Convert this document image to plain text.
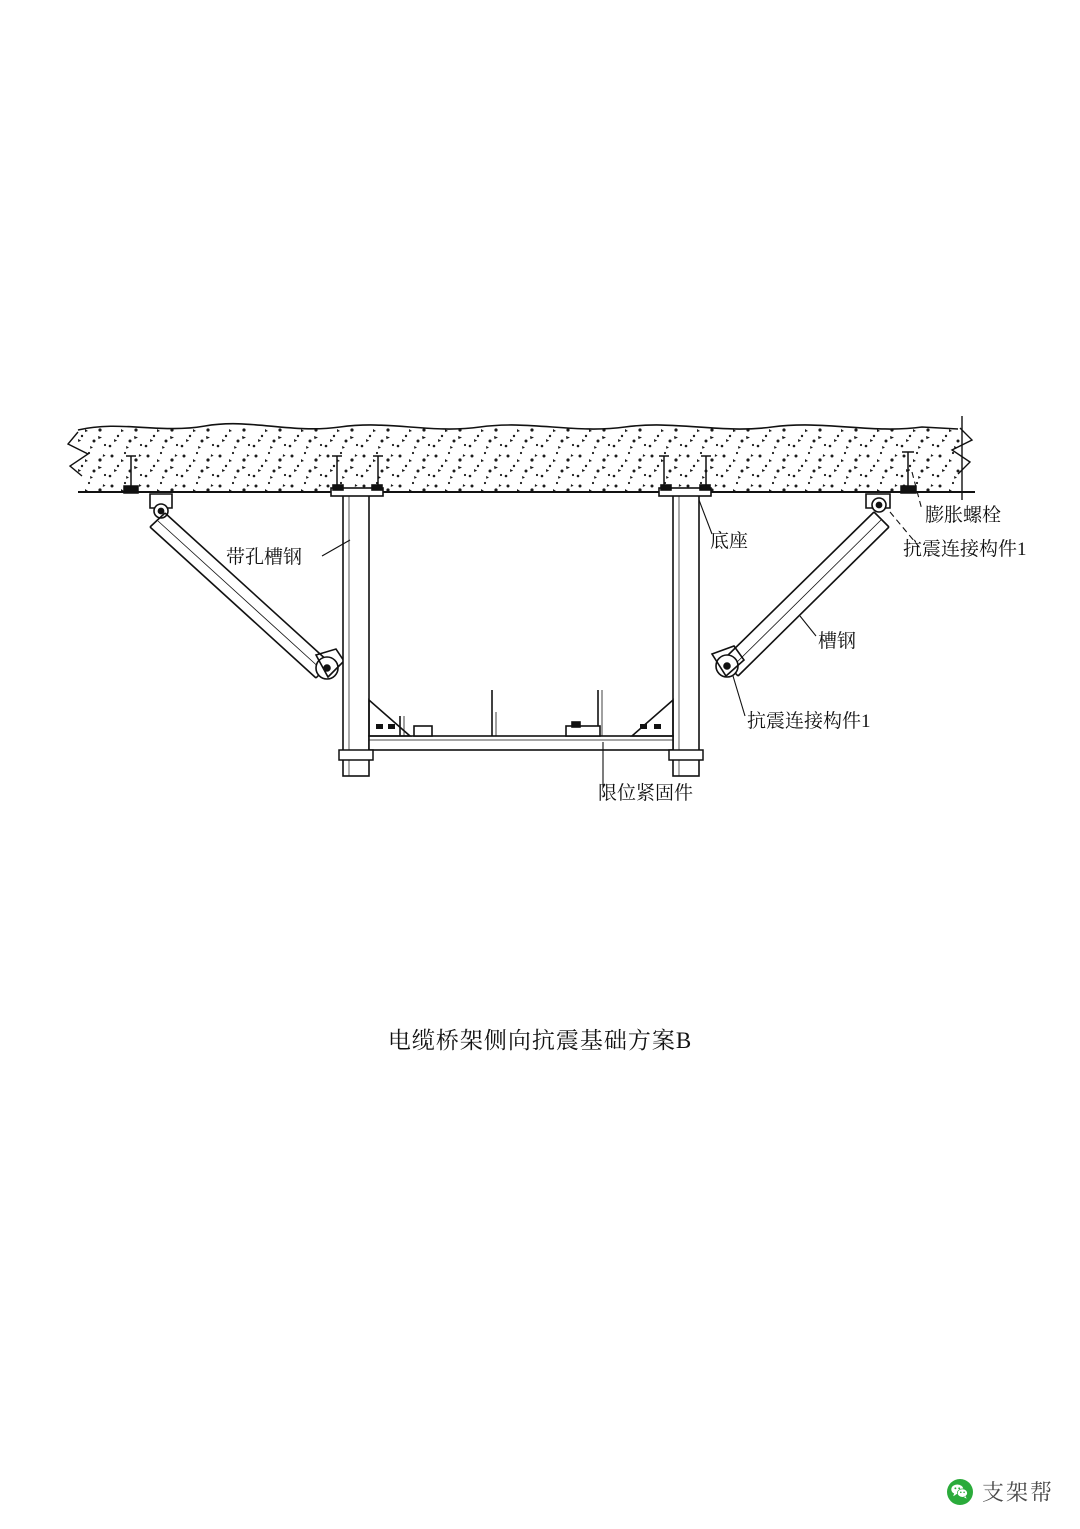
膨胀螺栓
抗震连接构件1
槽钢
抗震连接构件1
底座
带孔槽钢
限位紧固件
电缆桥架侧向抗震基础方案B
支架帮
